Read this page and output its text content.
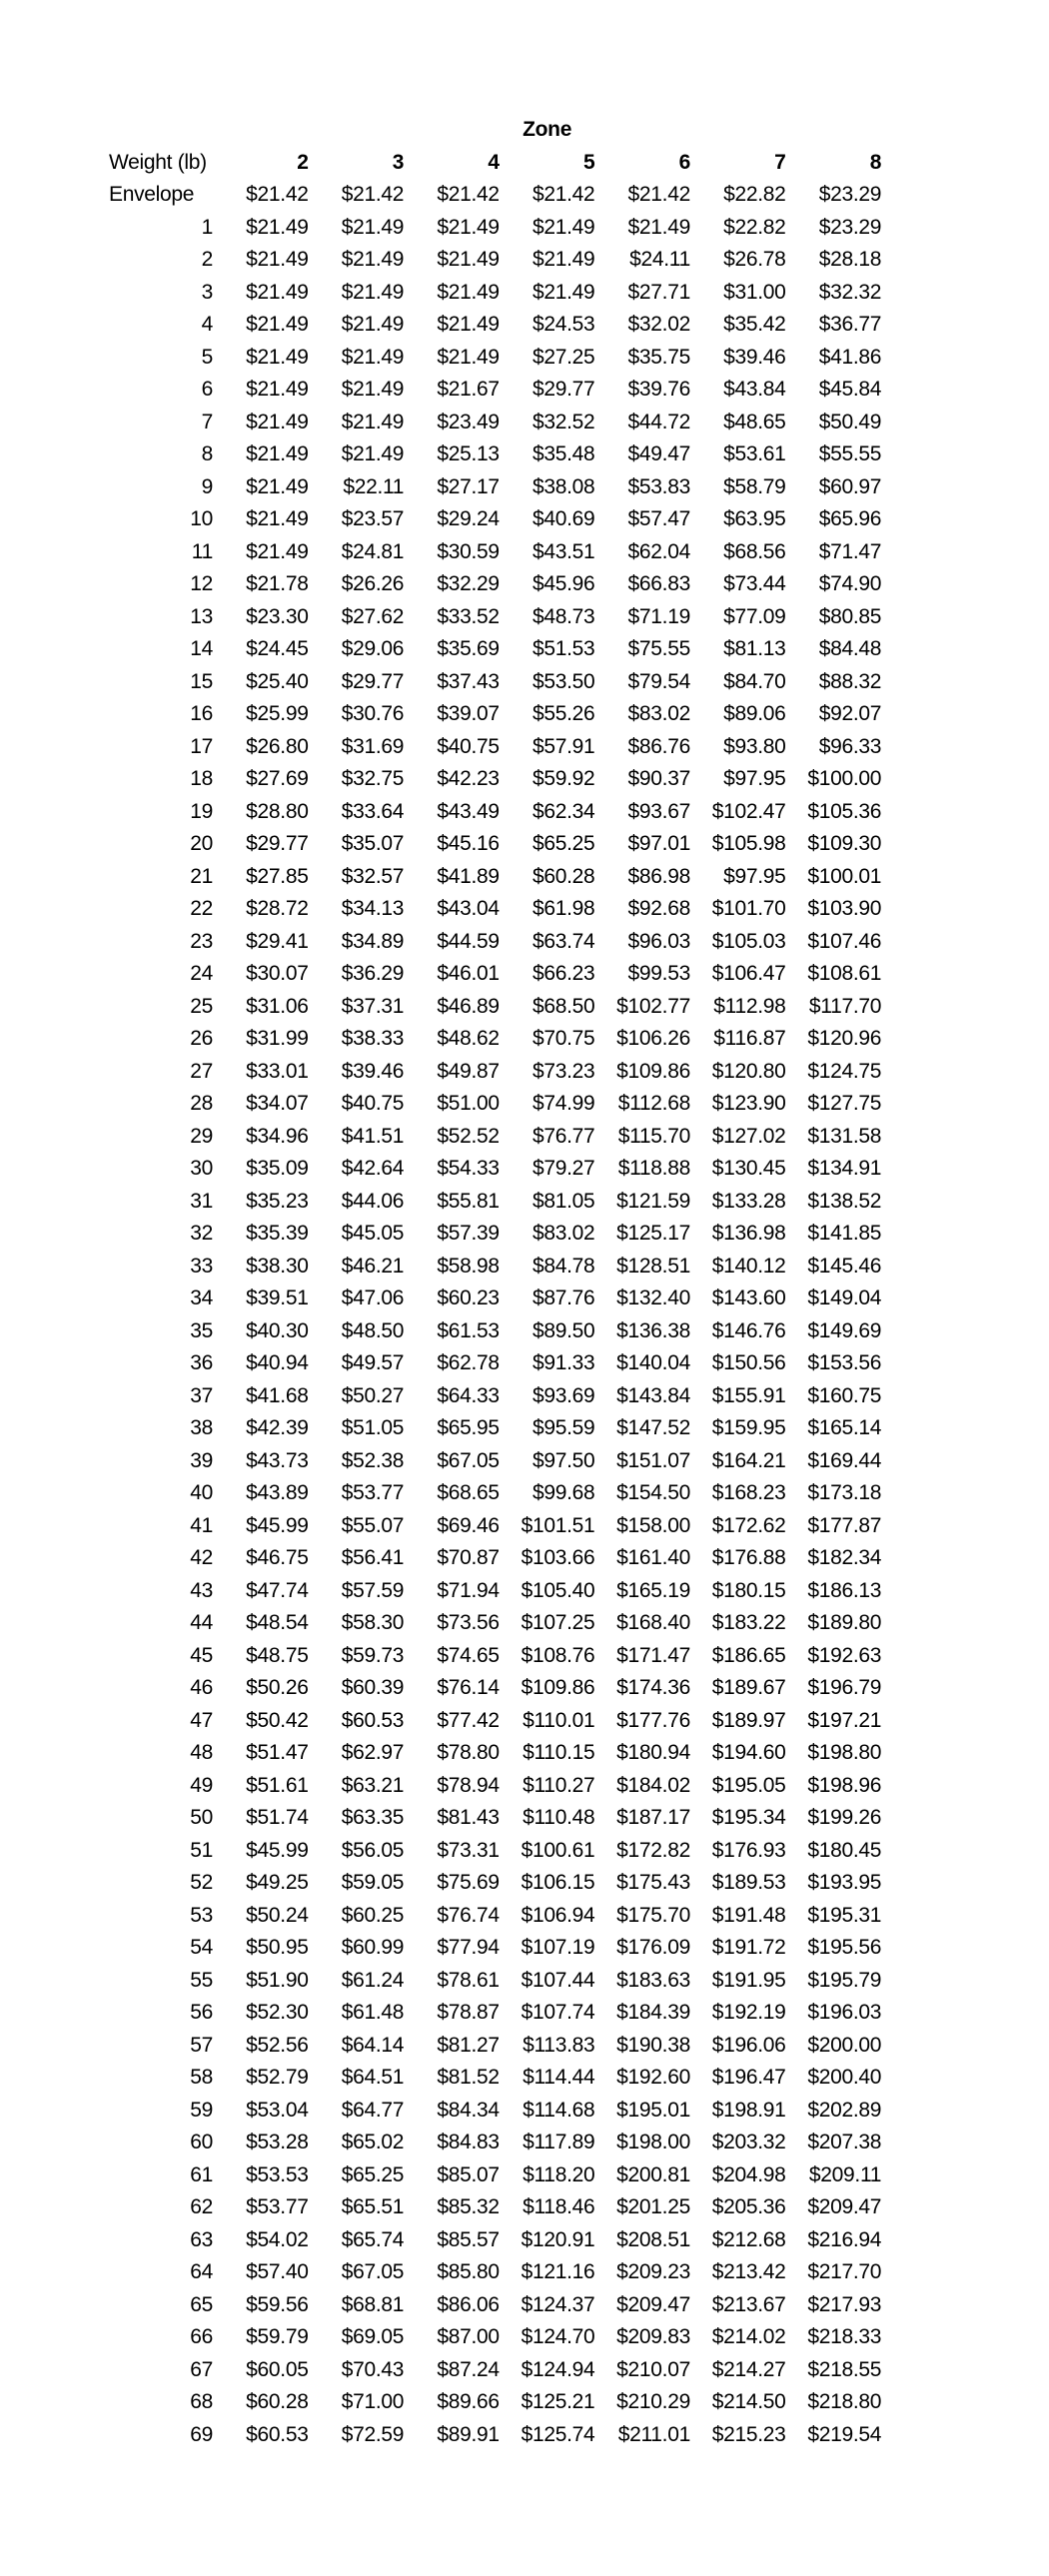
Zone
Weight (lb)	2	3	4	5	6	7	8
Envelope	$21.42	$21.42	$21.42	$21.42	$21.42	$22.82	$23.29
1	$21.49	$21.49	$21.49	$21.49	$21.49	$22.82	$23.29
2	$21.49	$21.49	$21.49	$21.49	$24.11	$26.78	$28.18
3	$21.49	$21.49	$21.49	$21.49	$27.71	$31.00	$32.32
4	$21.49	$21.49	$21.49	$24.53	$32.02	$35.42	$36.77
5	$21.49	$21.49	$21.49	$27.25	$35.75	$39.46	$41.86
6	$21.49	$21.49	$21.67	$29.77	$39.76	$43.84	$45.84
7	$21.49	$21.49	$23.49	$32.52	$44.72	$48.65	$50.49
8	$21.49	$21.49	$25.13	$35.48	$49.47	$53.61	$55.55
9	$21.49	$22.11	$27.17	$38.08	$53.83	$58.79	$60.97
10	$21.49	$23.57	$29.24	$40.69	$57.47	$63.95	$65.96
11	$21.49	$24.81	$30.59	$43.51	$62.04	$68.56	$71.47
12	$21.78	$26.26	$32.29	$45.96	$66.83	$73.44	$74.90
13	$23.30	$27.62	$33.52	$48.73	$71.19	$77.09	$80.85
14	$24.45	$29.06	$35.69	$51.53	$75.55	$81.13	$84.48
15	$25.40	$29.77	$37.43	$53.50	$79.54	$84.70	$88.32
16	$25.99	$30.76	$39.07	$55.26	$83.02	$89.06	$92.07
17	$26.80	$31.69	$40.75	$57.91	$86.76	$93.80	$96.33
18	$27.69	$32.75	$42.23	$59.92	$90.37	$97.95	$100.00
19	$28.80	$33.64	$43.49	$62.34	$93.67	$102.47	$105.36
20	$29.77	$35.07	$45.16	$65.25	$97.01	$105.98	$109.30
21	$27.85	$32.57	$41.89	$60.28	$86.98	$97.95	$100.01
22	$28.72	$34.13	$43.04	$61.98	$92.68	$101.70	$103.90
23	$29.41	$34.89	$44.59	$63.74	$96.03	$105.03	$107.46
24	$30.07	$36.29	$46.01	$66.23	$99.53	$106.47	$108.61
25	$31.06	$37.31	$46.89	$68.50	$102.77	$112.98	$117.70
26	$31.99	$38.33	$48.62	$70.75	$106.26	$116.87	$120.96
27	$33.01	$39.46	$49.87	$73.23	$109.86	$120.80	$124.75
28	$34.07	$40.75	$51.00	$74.99	$112.68	$123.90	$127.75
29	$34.96	$41.51	$52.52	$76.77	$115.70	$127.02	$131.58
30	$35.09	$42.64	$54.33	$79.27	$118.88	$130.45	$134.91
31	$35.23	$44.06	$55.81	$81.05	$121.59	$133.28	$138.52
32	$35.39	$45.05	$57.39	$83.02	$125.17	$136.98	$141.85
33	$38.30	$46.21	$58.98	$84.78	$128.51	$140.12	$145.46
34	$39.51	$47.06	$60.23	$87.76	$132.40	$143.60	$149.04
35	$40.30	$48.50	$61.53	$89.50	$136.38	$146.76	$149.69
36	$40.94	$49.57	$62.78	$91.33	$140.04	$150.56	$153.56
37	$41.68	$50.27	$64.33	$93.69	$143.84	$155.91	$160.75
38	$42.39	$51.05	$65.95	$95.59	$147.52	$159.95	$165.14
39	$43.73	$52.38	$67.05	$97.50	$151.07	$164.21	$169.44
40	$43.89	$53.77	$68.65	$99.68	$154.50	$168.23	$173.18
41	$45.99	$55.07	$69.46	$101.51	$158.00	$172.62	$177.87
42	$46.75	$56.41	$70.87	$103.66	$161.40	$176.88	$182.34
43	$47.74	$57.59	$71.94	$105.40	$165.19	$180.15	$186.13
44	$48.54	$58.30	$73.56	$107.25	$168.40	$183.22	$189.80
45	$48.75	$59.73	$74.65	$108.76	$171.47	$186.65	$192.63
46	$50.26	$60.39	$76.14	$109.86	$174.36	$189.67	$196.79
47	$50.42	$60.53	$77.42	$110.01	$177.76	$189.97	$197.21
48	$51.47	$62.97	$78.80	$110.15	$180.94	$194.60	$198.80
49	$51.61	$63.21	$78.94	$110.27	$184.02	$195.05	$198.96
50	$51.74	$63.35	$81.43	$110.48	$187.17	$195.34	$199.26
51	$45.99	$56.05	$73.31	$100.61	$172.82	$176.93	$180.45
52	$49.25	$59.05	$75.69	$106.15	$175.43	$189.53	$193.95
53	$50.24	$60.25	$76.74	$106.94	$175.70	$191.48	$195.31
54	$50.95	$60.99	$77.94	$107.19	$176.09	$191.72	$195.56
55	$51.90	$61.24	$78.61	$107.44	$183.63	$191.95	$195.79
56	$52.30	$61.48	$78.87	$107.74	$184.39	$192.19	$196.03
57	$52.56	$64.14	$81.27	$113.83	$190.38	$196.06	$200.00
58	$52.79	$64.51	$81.52	$114.44	$192.60	$196.47	$200.40
59	$53.04	$64.77	$84.34	$114.68	$195.01	$198.91	$202.89
60	$53.28	$65.02	$84.83	$117.89	$198.00	$203.32	$207.38
61	$53.53	$65.25	$85.07	$118.20	$200.81	$204.98	$209.11
62	$53.77	$65.51	$85.32	$118.46	$201.25	$205.36	$209.47
63	$54.02	$65.74	$85.57	$120.91	$208.51	$212.68	$216.94
64	$57.40	$67.05	$85.80	$121.16	$209.23	$213.42	$217.70
65	$59.56	$68.81	$86.06	$124.37	$209.47	$213.67	$217.93
66	$59.79	$69.05	$87.00	$124.70	$209.83	$214.02	$218.33
67	$60.05	$70.43	$87.24	$124.94	$210.07	$214.27	$218.55
68	$60.28	$71.00	$89.66	$125.21	$210.29	$214.50	$218.80
69	$60.53	$72.59	$89.91	$125.74	$211.01	$215.23	$219.54
